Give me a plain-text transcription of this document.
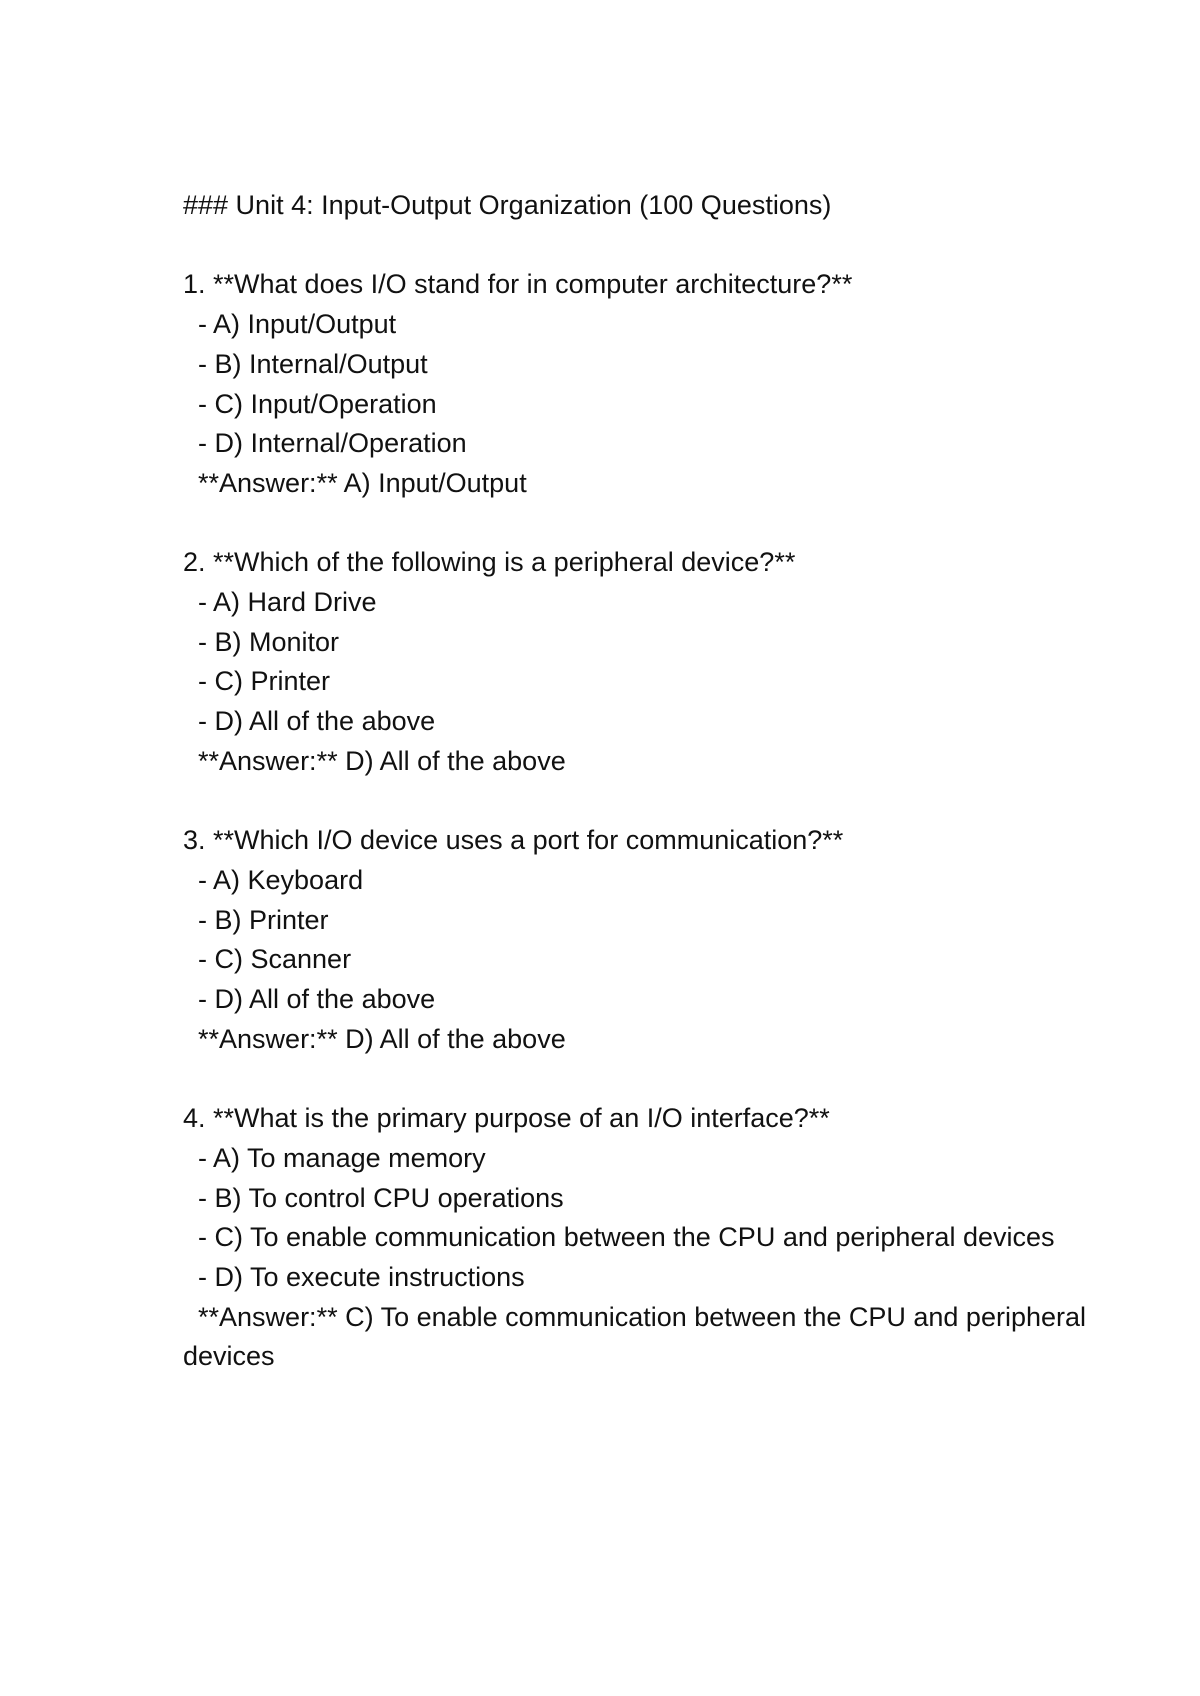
### Unit 4: Input-Output Organization (100 Questions)

1. **What does I/O stand for in computer architecture?**

- A) Input/Output

- B) Internal/Output

- C) Input/Operation

- D) Internal/Operation

**Answer:** A) Input/Output

2. **Which of the following is a peripheral device?**

- A) Hard Drive

- B) Monitor

- C) Printer

- D) All of the above

**Answer:** D) All of the above

3. **Which I/O device uses a port for communication?**

- A) Keyboard

- B) Printer

- C) Scanner

- D) All of the above

**Answer:** D) All of the above

4. **What is the primary purpose of an I/O interface?**

- A) To manage memory

- B) To control CPU operations

- C) To enable communication between the CPU and peripheral devices

- D) To execute instructions

**Answer:** C) To enable communication between the CPU and peripheral devices
